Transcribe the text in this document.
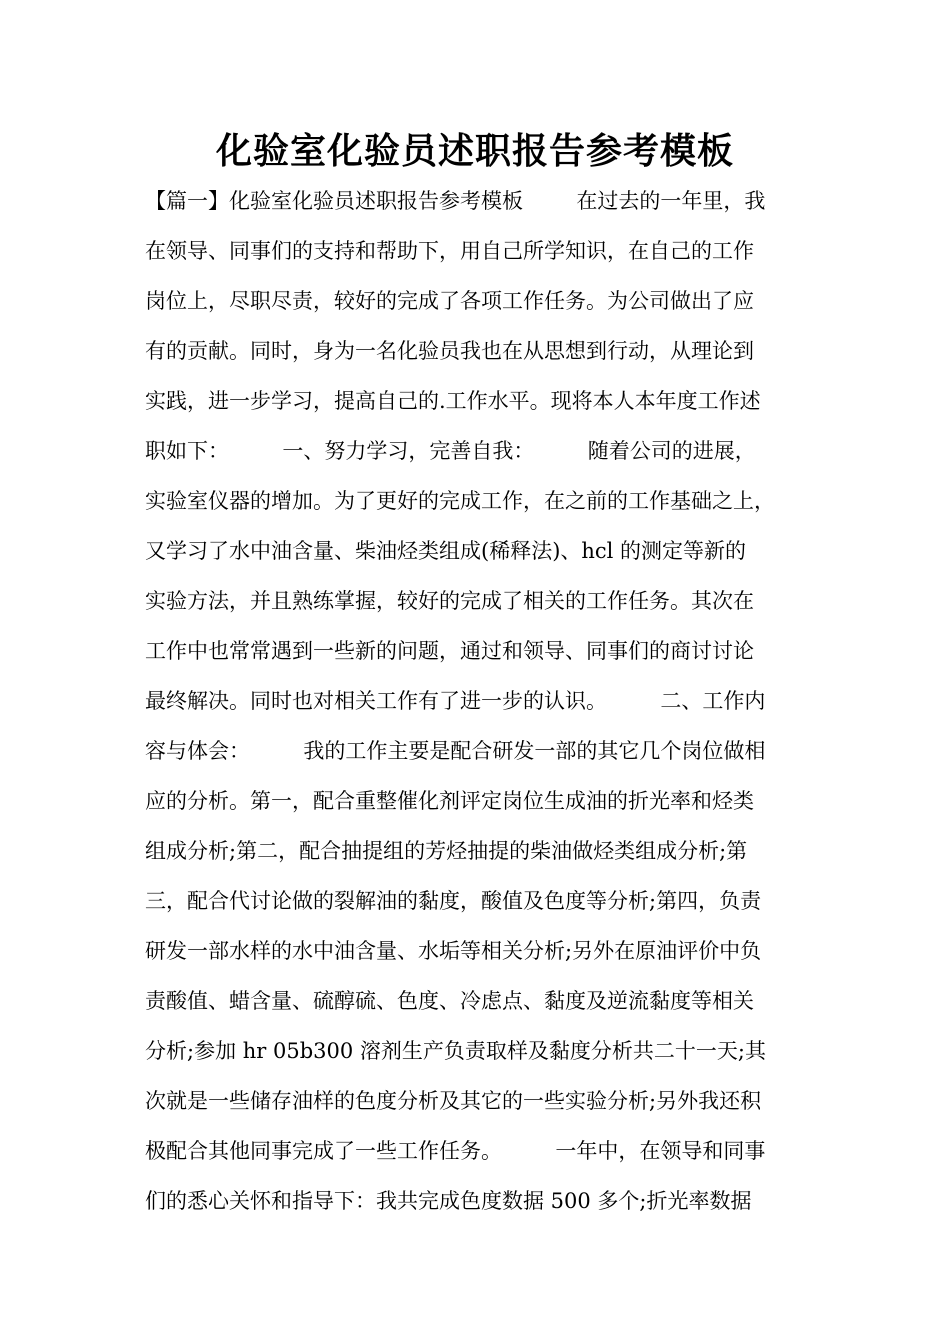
化验室化验员述职报告参考模板
【篇一】化验室化验员述职报告参考模板        在过去的一年里，我
在领导、同事们的支持和帮助下，用自己所学知识，在自己的工作
岗位上，尽职尽责，较好的完成了各项工作任务。为公司做出了应
有的贡献。同时，身为一名化验员我也在从思想到行动，从理论到
实践，进一步学习，提高自己的.工作水平。现将本人本年度工作述
职如下：        一、努力学习，完善自我：        随着公司的进展，
实验室仪器的增加。为了更好的完成工作，在之前的工作基础之上，
又学习了水中油含量、柴油烃类组成(稀释法)、hcl 的测定等新的
实验方法，并且熟练掌握，较好的完成了相关的工作任务。其次在
工作中也常常遇到一些新的问题，通过和领导、同事们的商讨讨论
最终解决。同时也对相关工作有了进一步的认识。        二、工作内
容与体会：        我的工作主要是配合研发一部的其它几个岗位做相
应的分析。第一，配合重整催化剂评定岗位生成油的折光率和烃类
组成分析;第二，配合抽提组的芳烃抽提的柴油做烃类组成分析;第
三，配合代讨论做的裂解油的黏度，酸值及色度等分析;第四，负责
研发一部水样的水中油含量、水垢等相关分析;另外在原油评价中负
责酸值、蜡含量、硫醇硫、色度、冷虑点、黏度及逆流黏度等相关
分析;参加 hr 05b300 溶剂生产负责取样及黏度分析共二十一天;其
次就是一些储存油样的色度分析及其它的一些实验分析;另外我还积
极配合其他同事完成了一些工作任务。        一年中，在领导和同事
们的悉心关怀和指导下：我共完成色度数据 500 多个;折光率数据
